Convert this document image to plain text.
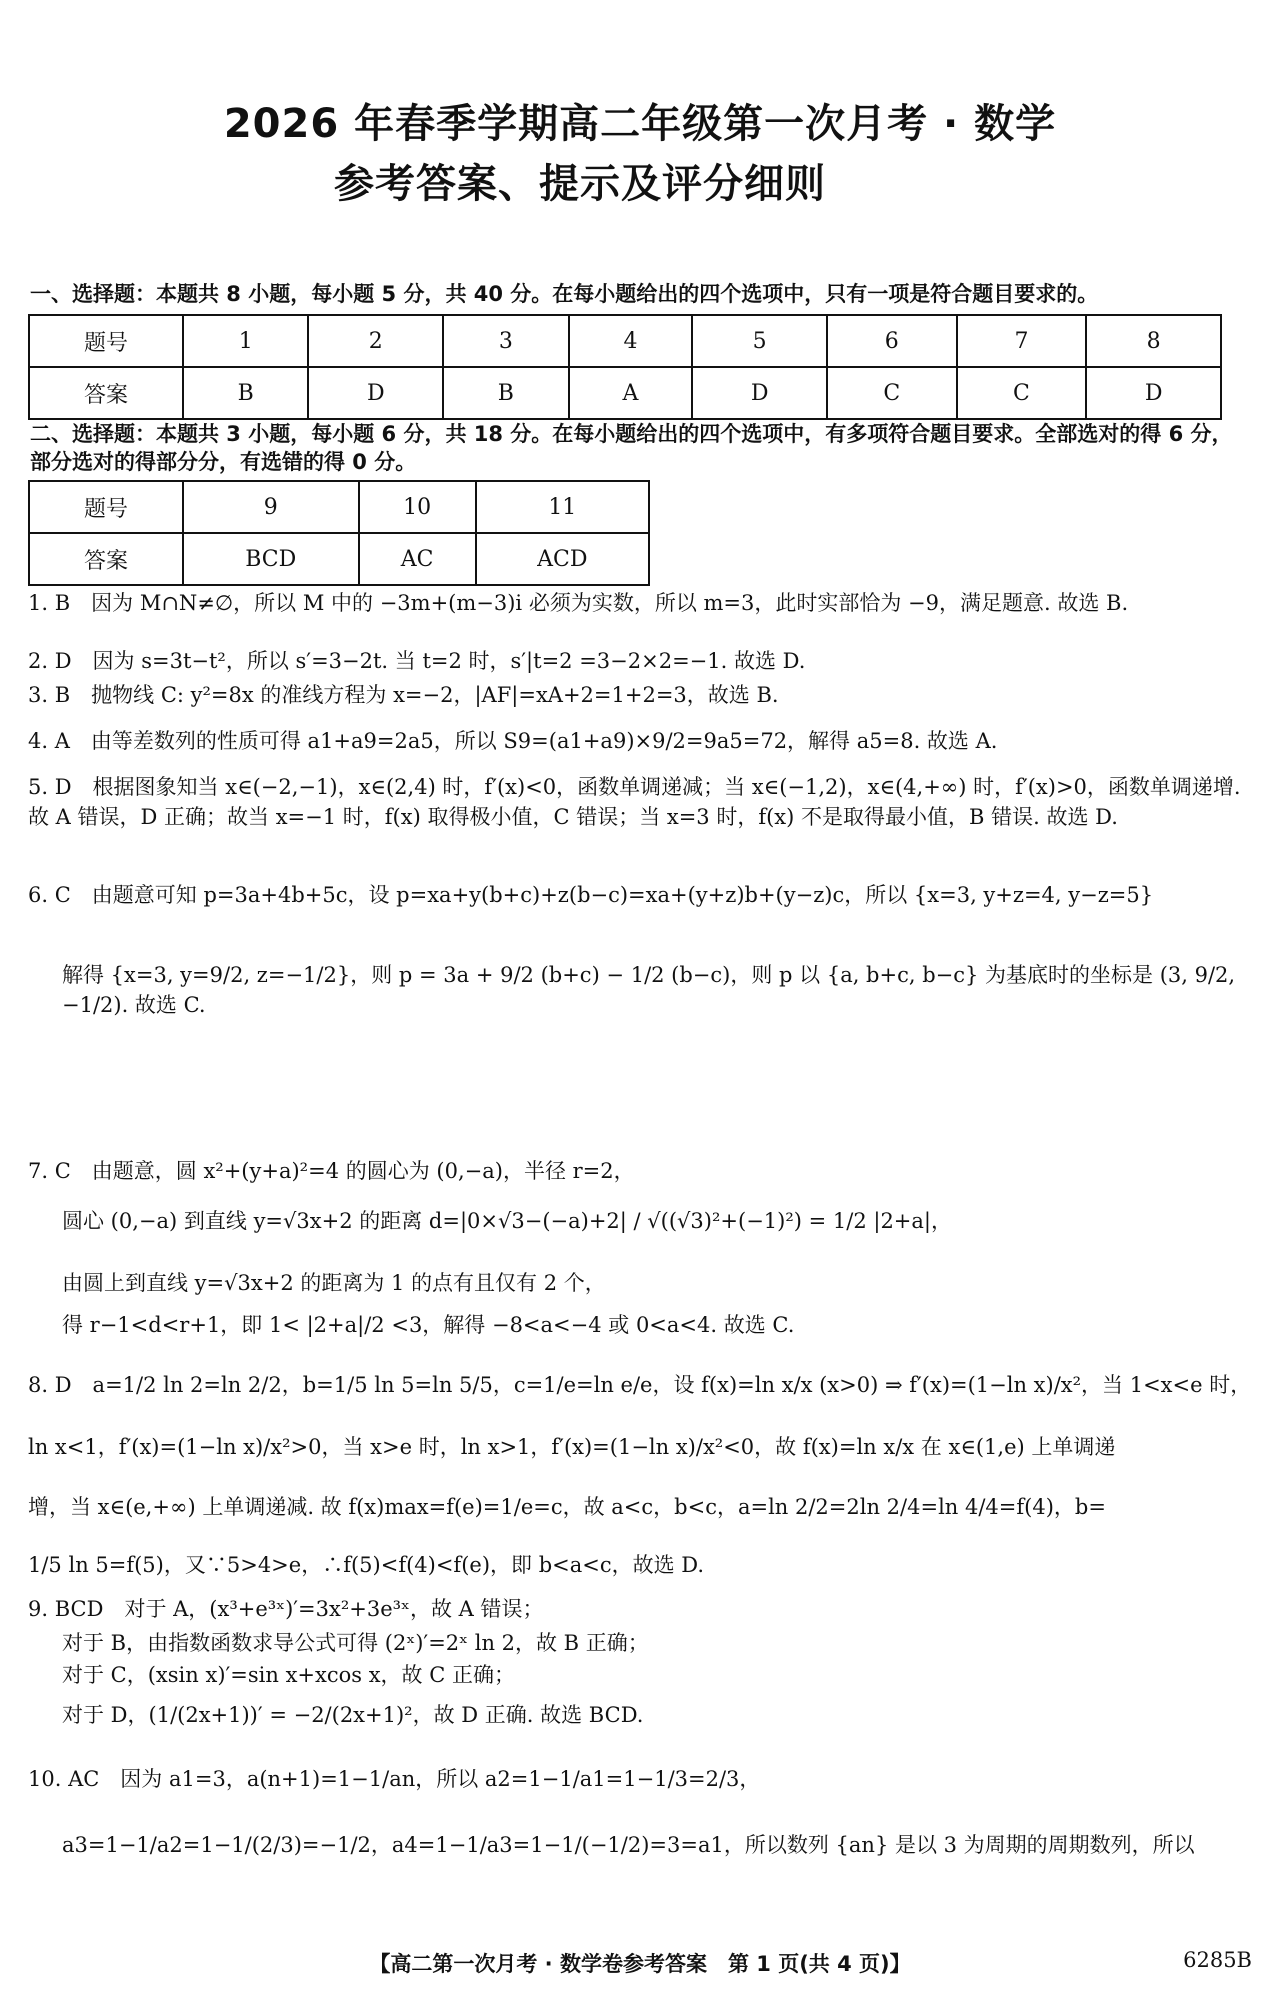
2026 年春季学期高二年级第一次月考 · 数学
参考答案、提示及评分细则
一、选择题：本题共 8 小题，每小题 5 分，共 40 分。在每小题给出的四个选项中，只有一项是符合题目要求的。
题号	1	2	3	4	5	6	7	8
答案	B	D	B	A	D	C	C	D
二、选择题：本题共 3 小题，每小题 6 分，共 18 分。在每小题给出的四个选项中，有多项符合题目要求。全部选对的得 6 分，部分选对的得部分分，有选错的得 0 分。
题号	9	10	11
答案	BCD	AC	ACD
1. B　因为 M∩N≠∅，所以 M 中的 −3m+(m−3)i 必须为实数，所以 m=3，此时实部恰为 −9，满足题意. 故选 B.
2. D　因为 s=3t−t²，所以 s′=3−2t. 当 t=2 时，s′|t=2 =3−2×2=−1. 故选 D.
3. B　抛物线 C: y²=8x 的准线方程为 x=−2，|AF|=xA+2=1+2=3，故选 B.
4. A　由等差数列的性质可得 a1+a9=2a5，所以 S9=(a1+a9)×9/2=9a5=72，解得 a5=8. 故选 A.
5. D　根据图象知当 x∈(−2,−1)，x∈(2,4) 时，f′(x)<0，函数单调递减；当 x∈(−1,2)，x∈(4,+∞) 时，f′(x)>0，函数单调递增. 故 A 错误，D 正确；故当 x=−1 时，f(x) 取得极小值，C 错误；当 x=3 时，f(x) 不是取得最小值，B 错误. 故选 D.
6. C　由题意可知 p=3a+4b+5c，设 p=xa+y(b+c)+z(b−c)=xa+(y+z)b+(y−z)c，所以 {x=3, y+z=4, y−z=5}
解得 {x=3, y=9/2, z=−1/2}，则 p = 3a + 9/2 (b+c) − 1/2 (b−c)，则 p 以 {a, b+c, b−c} 为基底时的坐标是 (3, 9/2, −1/2). 故选 C.
7. C　由题意，圆 x²+(y+a)²=4 的圆心为 (0,−a)，半径 r=2，
圆心 (0,−a) 到直线 y=√3x+2 的距离 d=|0×√3−(−a)+2| / √((√3)²+(−1)²) = 1/2 |2+a|，
由圆上到直线 y=√3x+2 的距离为 1 的点有且仅有 2 个，
得 r−1<d<r+1，即 1< |2+a|/2 <3，解得 −8<a<−4 或 0<a<4. 故选 C.
8. D　a=1/2 ln 2=ln 2/2，b=1/5 ln 5=ln 5/5，c=1/e=ln e/e，设 f(x)=ln x/x (x>0) ⇒ f′(x)=(1−ln x)/x²，当 1<x<e 时，
ln x<1，f′(x)=(1−ln x)/x²>0，当 x>e 时，ln x>1，f′(x)=(1−ln x)/x²<0，故 f(x)=ln x/x 在 x∈(1,e) 上单调递
增，当 x∈(e,+∞) 上单调递减. 故 f(x)max=f(e)=1/e=c，故 a<c，b<c，a=ln 2/2=2ln 2/4=ln 4/4=f(4)，b=
1/5 ln 5=f(5)，又∵5>4>e，∴f(5)<f(4)<f(e)，即 b<a<c，故选 D.
9. BCD　对于 A，(x³+e³ˣ)′=3x²+3e³ˣ，故 A 错误；
对于 B，由指数函数求导公式可得 (2ˣ)′=2ˣ ln 2，故 B 正确；
对于 C，(xsin x)′=sin x+xcos x，故 C 正确；
对于 D，(1/(2x+1))′ = −2/(2x+1)²，故 D 正确. 故选 BCD.
10. AC　因为 a1=3，a(n+1)=1−1/an，所以 a2=1−1/a1=1−1/3=2/3，
a3=1−1/a2=1−1/(2/3)=−1/2，a4=1−1/a3=1−1/(−1/2)=3=a1，所以数列 {an} 是以 3 为周期的周期数列，所以
【高二第一次月考 · 数学卷参考答案　第 1 页(共 4 页)】	6285B
